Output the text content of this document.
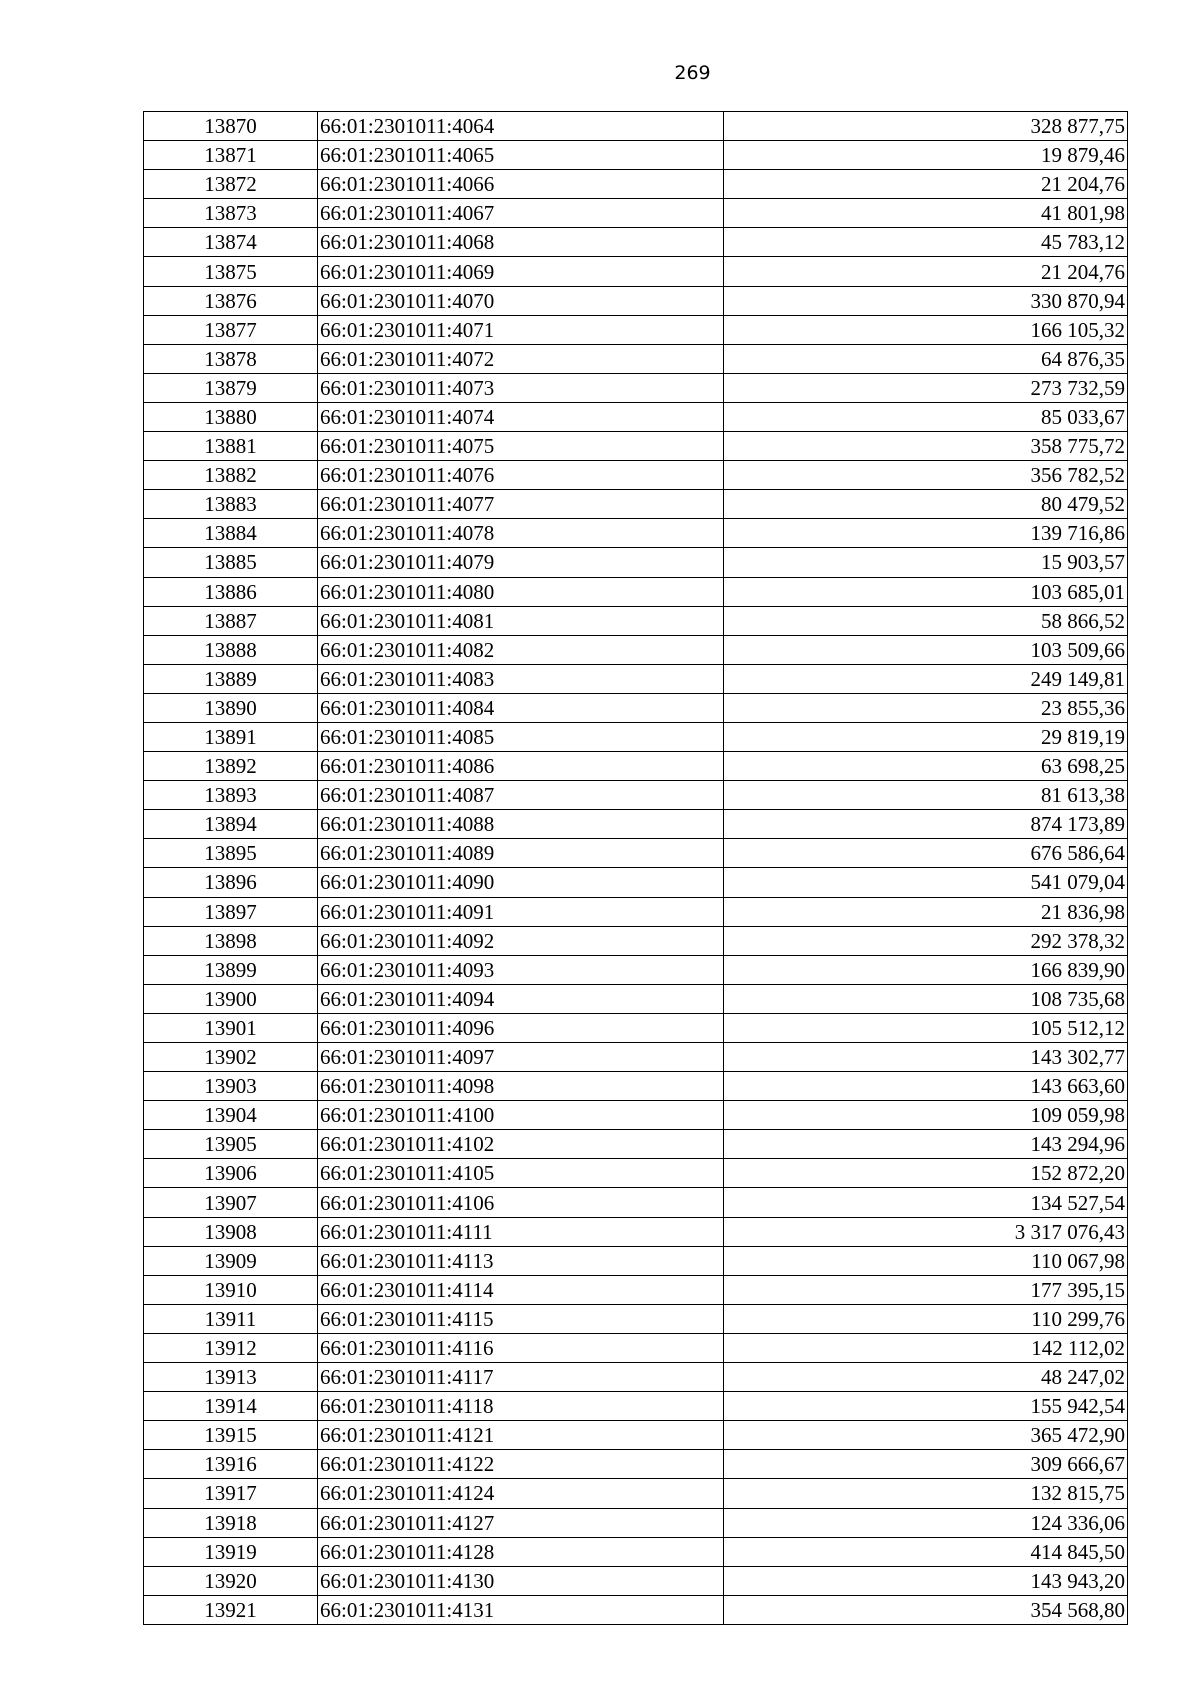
269
13870	66:01:2301011:4064	328 877,75
13871	66:01:2301011:4065	19 879,46
13872	66:01:2301011:4066	21 204,76
13873	66:01:2301011:4067	41 801,98
13874	66:01:2301011:4068	45 783,12
13875	66:01:2301011:4069	21 204,76
13876	66:01:2301011:4070	330 870,94
13877	66:01:2301011:4071	166 105,32
13878	66:01:2301011:4072	64 876,35
13879	66:01:2301011:4073	273 732,59
13880	66:01:2301011:4074	85 033,67
13881	66:01:2301011:4075	358 775,72
13882	66:01:2301011:4076	356 782,52
13883	66:01:2301011:4077	80 479,52
13884	66:01:2301011:4078	139 716,86
13885	66:01:2301011:4079	15 903,57
13886	66:01:2301011:4080	103 685,01
13887	66:01:2301011:4081	58 866,52
13888	66:01:2301011:4082	103 509,66
13889	66:01:2301011:4083	249 149,81
13890	66:01:2301011:4084	23 855,36
13891	66:01:2301011:4085	29 819,19
13892	66:01:2301011:4086	63 698,25
13893	66:01:2301011:4087	81 613,38
13894	66:01:2301011:4088	874 173,89
13895	66:01:2301011:4089	676 586,64
13896	66:01:2301011:4090	541 079,04
13897	66:01:2301011:4091	21 836,98
13898	66:01:2301011:4092	292 378,32
13899	66:01:2301011:4093	166 839,90
13900	66:01:2301011:4094	108 735,68
13901	66:01:2301011:4096	105 512,12
13902	66:01:2301011:4097	143 302,77
13903	66:01:2301011:4098	143 663,60
13904	66:01:2301011:4100	109 059,98
13905	66:01:2301011:4102	143 294,96
13906	66:01:2301011:4105	152 872,20
13907	66:01:2301011:4106	134 527,54
13908	66:01:2301011:4111	3 317 076,43
13909	66:01:2301011:4113	110 067,98
13910	66:01:2301011:4114	177 395,15
13911	66:01:2301011:4115	110 299,76
13912	66:01:2301011:4116	142 112,02
13913	66:01:2301011:4117	48 247,02
13914	66:01:2301011:4118	155 942,54
13915	66:01:2301011:4121	365 472,90
13916	66:01:2301011:4122	309 666,67
13917	66:01:2301011:4124	132 815,75
13918	66:01:2301011:4127	124 336,06
13919	66:01:2301011:4128	414 845,50
13920	66:01:2301011:4130	143 943,20
13921	66:01:2301011:4131	354 568,80
